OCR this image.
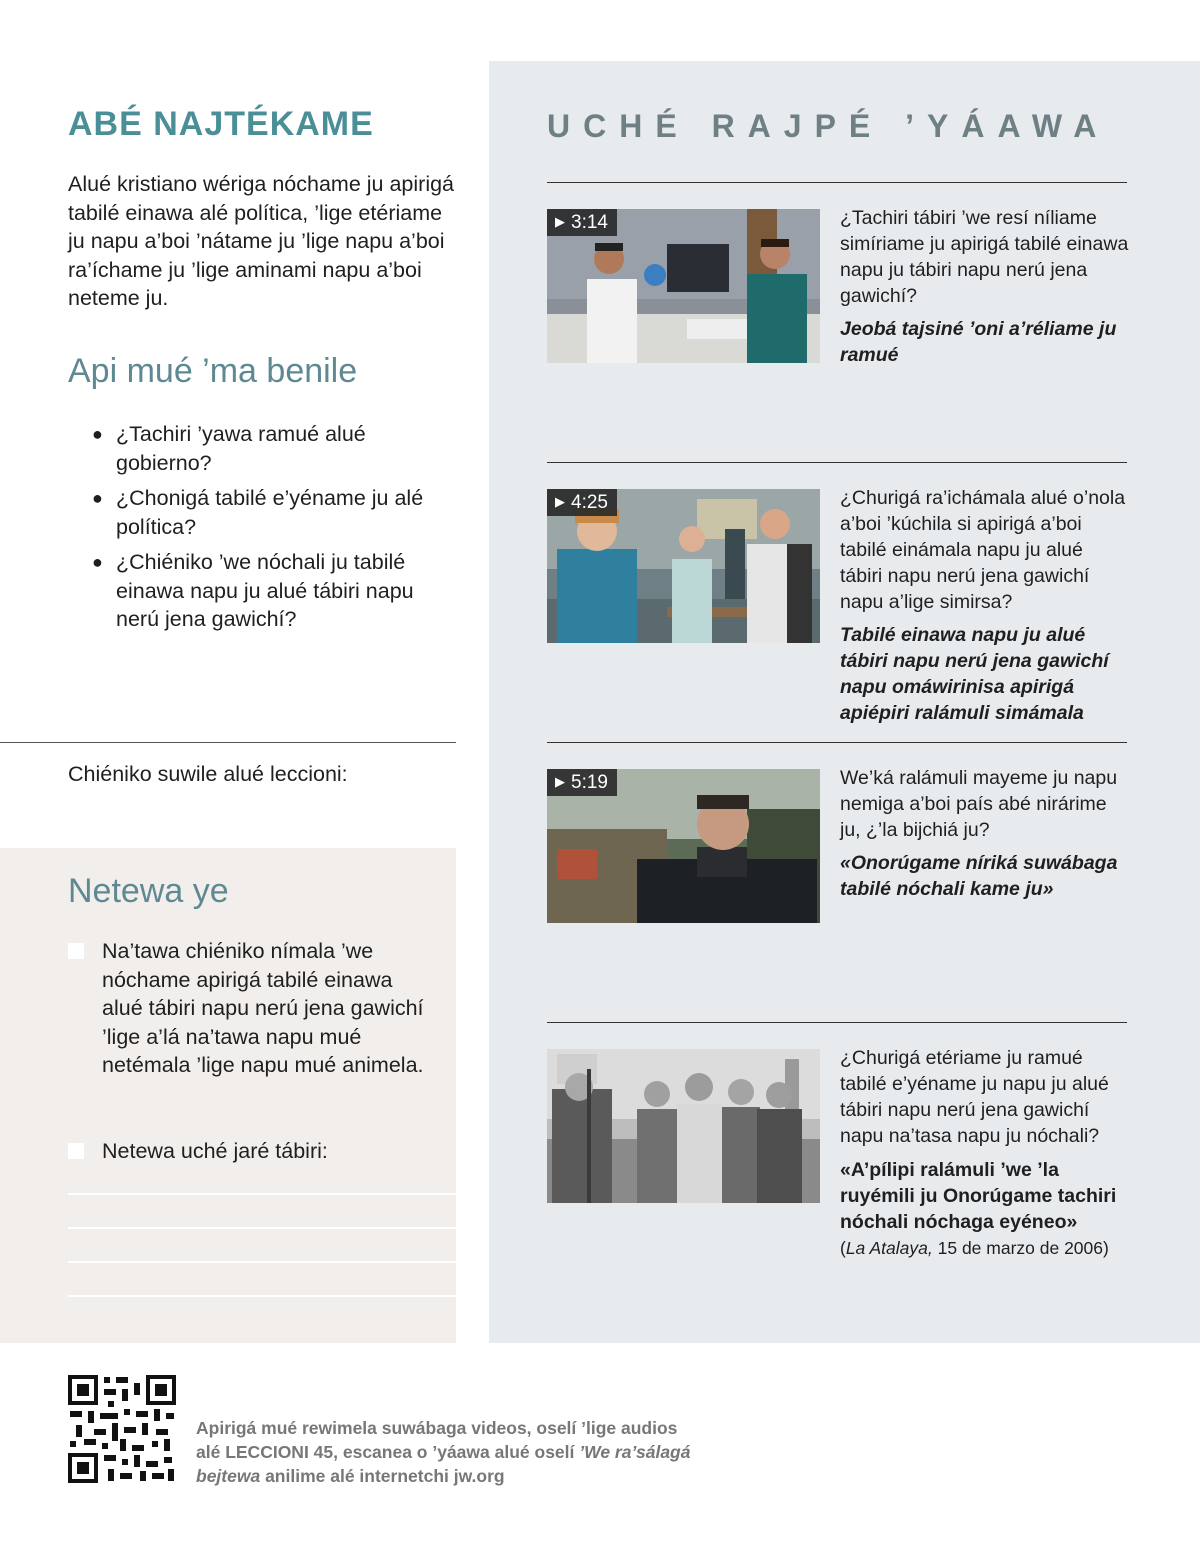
ABÉ NAJTÉKAME

Alué kristiano wériga nóchame ju apirigá tabilé einawa alé política, ’lige etériame ju napu a’boi ’nátame ju ’lige napu a’boi ra’íchame ju ’lige aminami napu a’boi neteme ju.

Api mué ’ma benile
● ¿Tachiri ’yawa ramué alué gobierno?
● ¿Chonigá tabilé e’yéname ju alé política?
● ¿Chiéniko ’we nóchali ju tabilé einawa napu ju alué tábiri napu nerú jena gawichí?

Chiéniko suwile alué leccioni:

Netewa ye
Na’tawa chiéniko nímala ’we nóchame apirigá tabilé einawa alué tábiri napu nerú jena gawichí ’lige a’lá na’tawa napu mué netémala ’lige napu mué animela.
Netewa uché jaré tábiri:
UCHÉ RAJPÉ ’YÁAWA
▶ 3:14	¿Tachiri tábiri ’we resí níliame simíriame ju apirigá tabilé einawa napu ju tábiri napu nerú jena gawichí?

Jeobá tajsiné ’oni a’réliame ju ramué

▶ 4:25	¿Churigá ra’ichámala alué o’nola a’boi ’kúchila si apirigá a’boi tabilé einámala napu ju alué tábiri napu nerú jena gawichí napu a’lige simirsa?

Tabilé einawa napu ju alué tábiri napu nerú jena gawichí napu omáwirinisa apirigá apiépiri ralámuli simámala

▶ 5:19	We’ká ralámuli mayeme ju napu nemiga a’boi país abé nirárime ju, ¿’la bijchiá ju?

«Onorúgame níriká suwábaga tabilé nóchali kame ju»

¿Churigá etériame ju ramué tabilé e’yéname ju napu ju alué tábiri napu nerú jena gawichí napu na’tasa napu ju nóchali?

«A’pílipi ralámuli ’we ’la ruyémili ju Onorúgame tachiri nóchali nóchaga eyéneo»

(La Atalaya, 15 de marzo de 2006)

Apirigá mué rewimela suwábaga videos, oselí ’lige audios
alé LECCIONI 45, escanea o ’yáawa alué oselí ’We ra’sálagá
bejtewa anilime alé internetchi jw.org
